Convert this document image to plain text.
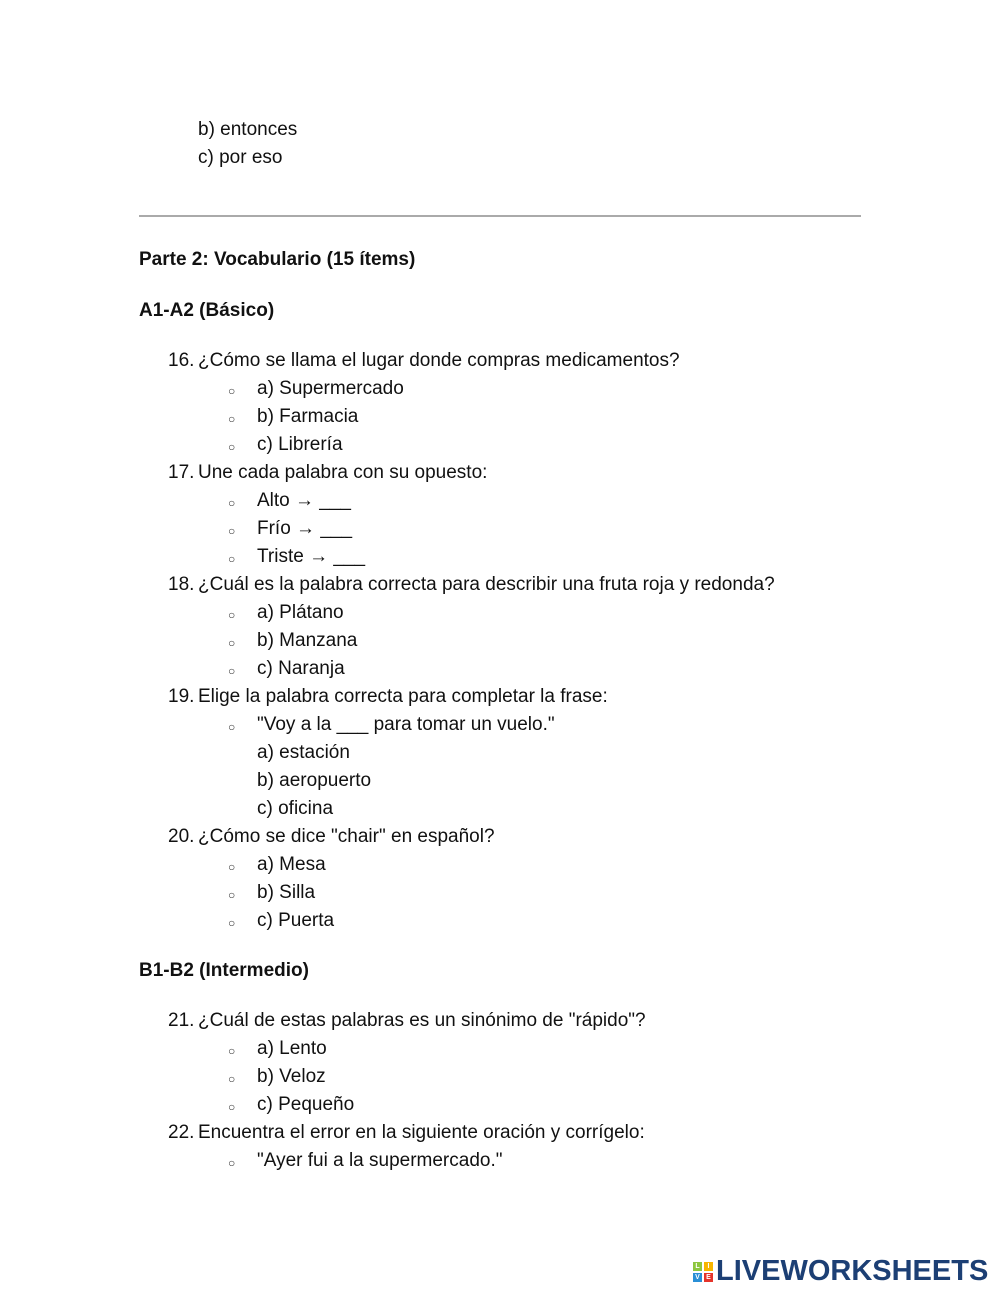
L	I
V E LIVEWORKSHEETS
b) entonces
c) por eso
Parte 2: Vocabulario (15 ítems)
A1-A2 (Básico)
16. ¿Cómo se llama el lugar donde compras medicamentos?
○ a) Supermercado
○ b) Farmacia
○ c) Librería
17. Une cada palabra con su opuesto:
○ Alto → ___
○ Frío → ___
○ Triste → ___
18. ¿Cuál es la palabra correcta para describir una fruta roja y redonda?
○ a) Plátano
○ b) Manzana
○ c) Naranja
19. Elige la palabra correcta para completar la frase:
○ "Voy a la ___ para tomar un vuelo."
a) estación
b) aeropuerto
c) oficina
20. ¿Cómo se dice "chair" en español?
○ a) Mesa
○ b) Silla
○ c) Puerta
B1-B2 (Intermedio)
21. ¿Cuál de estas palabras es un sinónimo de "rápido"?
○ a) Lento
○ b) Veloz
○ c) Pequeño
22. Encuentra el error en la siguiente oración y corrígelo:
○ "Ayer fui a la supermercado."
